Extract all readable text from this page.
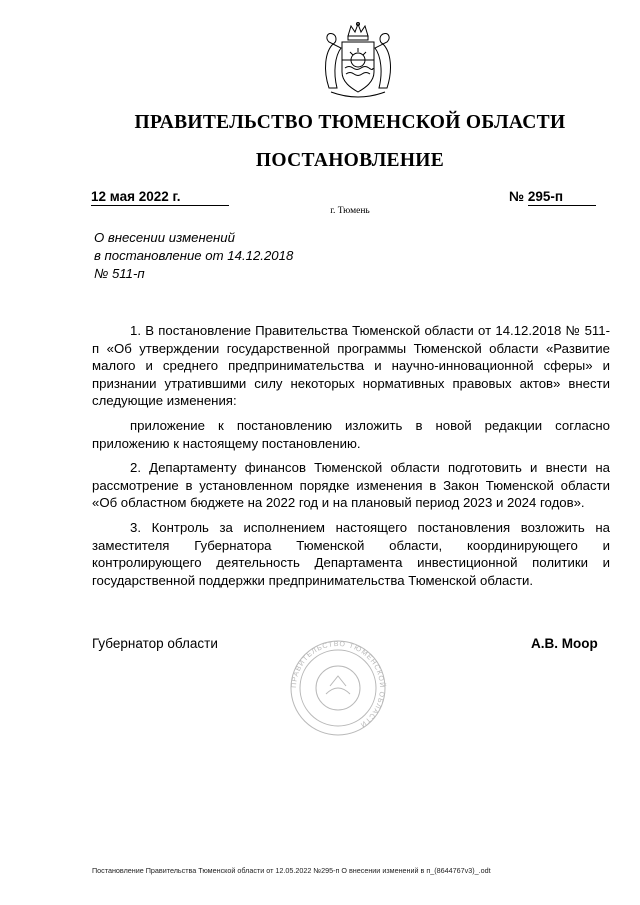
ПРАВИТЕЛЬСТВО ТЮМЕНСКОЙ ОБЛАСТИ
ПОСТАНОВЛЕНИЕ
12 мая 2022 г.	№ 295-п
г. Тюмень
О внесении изменений
в постановление от 14.12.2018
№ 511-п

1. В постановление Правительства Тюменской области от 14.12.2018 № 511-п «Об утверждении государственной программы Тюменской области «Развитие малого и среднего предпринимательства и научно-инновационной сферы» и признании утратившими силу некоторых нормативных правовых актов» внести следующие изменения:

приложение к постановлению изложить в новой редакции согласно приложению к настоящему постановлению.

2. Департаменту финансов Тюменской области подготовить и внести на рассмотрение в установленном порядке изменения в Закон Тюменской области «Об областном бюджете на 2022 год и на плановый период 2023 и 2024 годов».

3. Контроль за исполнением настоящего постановления возложить на заместителя Губернатора Тюменской области, координирующего и контролирующего деятельность Департамента инвестиционной политики и государственной поддержки предпринимательства Тюменской области.

Губернатор области	А.В. Моор
ПРАВИТЕЛЬСТВО ТЮМЕНСКОЙ ОБЛАСТИ
Постановление Правительства Тюменской области от 12.05.2022 №295-п О внесении изменений в п_(8644767v3)_.odt
